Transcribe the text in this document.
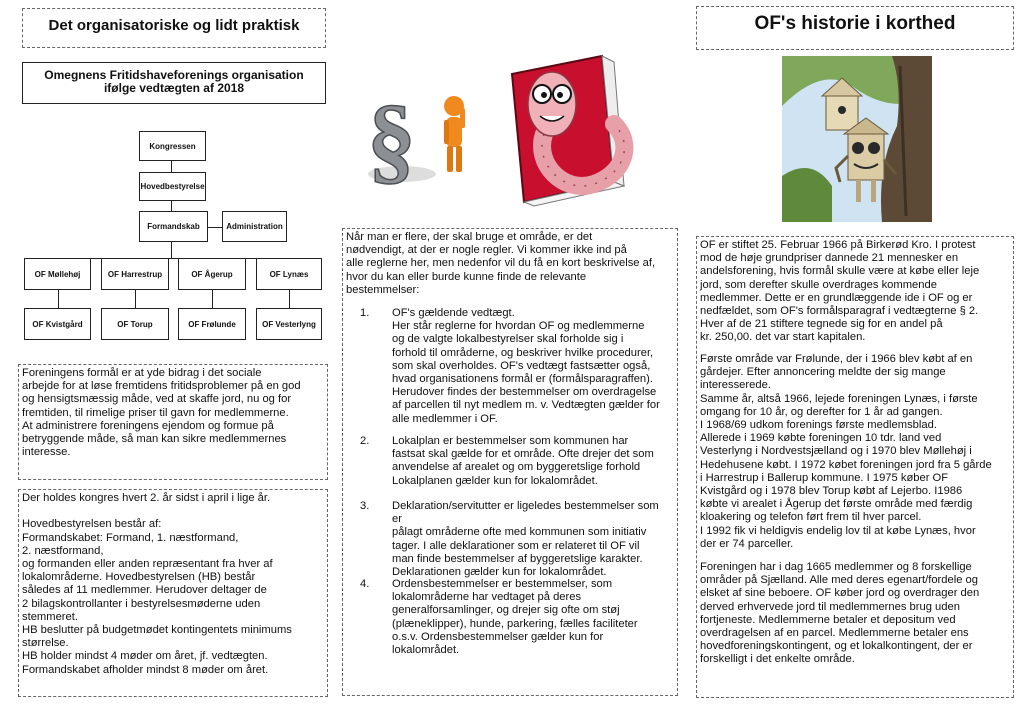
Det organisatoriske og lidt praktisk
Omegnens Fritidshaveforenings organisation
ifølge vedtægten af 2018
Kongressen
Hovedbestyrelse
Formandskab	Administration
OF Møllehøj	OF Harrestrup	OF Ågerup	OF Lynæs
OF Kvistgård	OF Torup	OF Frølunde	OF Vesterlyng
Foreningens formål er at yde bidrag i det sociale
arbejde for at løse fremtidens fritidsproblemer på en god
og hensigtsmæssig måde, ved at skaffe jord, nu og for
fremtiden, til rimelige priser til gavn for medlemmerne.
At administrere foreningens ejendom og formue på
betryggende måde, så man kan sikre medlemmernes
interesse.
Der holdes kongres hvert 2. år sidst i april i lige år.

Hovedbestyrelsen består af:
Formandskabet: Formand, 1. næstformand,
2. næstformand,
og formanden eller anden repræsentant fra hver af
lokalområderne. Hovedbestyrelsen (HB) består
således af 11 medlemmer. Herudover deltager de
2 bilagskontrollanter i bestyrelsesmøderne uden
stemmeret.
HB beslutter på budgetmødet kontingentets minimums
størrelse.
HB holder mindst 4 møder om året, jf. vedtægten.
Formandskabet afholder mindst 8 møder om året.
§
Når man er flere, der skal bruge et område, er det
nødvendigt, at der er nogle regler. Vi kommer ikke ind på
alle reglerne her, men nedenfor vil du få en kort beskrivelse af,
hvor du kan eller burde kunne finde de relevante
bestemmelser:
1. OF's gældende vedtægt.
Her står reglerne for hvordan OF og medlemmerne
og de valgte lokalbestyrelser skal forholde sig i
forhold til områderne, og beskriver hvilke procedurer,
som skal overholdes. OF's vedtægt fastsætter også,
hvad organisationens formål er (formålsparagraffen).
Herudover findes der bestemmelser om overdragelse
af parcellen til nyt medlem m. v. Vedtægten gælder for
alle medlemmer i OF.
2. Lokalplan er bestemmelser som kommunen har
fastsat skal gælde for et område. Ofte drejer det som
anvendelse af arealet og om byggeretslige forhold
Lokalplanen gælder kun for lokalområdet.
3. Deklaration/servitutter er ligeledes bestemmelser som er
pålagt områderne ofte med kommunen som initiativ
tager. I alle deklarationer som er relateret til OF vil
man finde bestemmelser af byggeretslige karakter.
Deklarationen gælder kun for lokalområdet.
4. Ordensbestemmelser er bestemmelser, som
lokalområderne har vedtaget på deres
generalforsamlinger, og drejer sig ofte om støj
(plæneklipper), hunde, parkering, fælles faciliteter
o.s.v. Ordensbestemmelser gælder kun for
lokalområdet.
OF's historie i korthed
OF er stiftet 25. Februar 1966 på Birkerød Kro. I protest
mod de høje grundpriser dannede 21 mennesker en
andelsforening, hvis formål skulle være at købe eller leje
jord, som derefter skulle overdrages kommende
medlemmer. Dette er en grundlæggende ide i OF og er
nedfældet, som OF's formålsparagraf i vedtægterne § 2.
Hver af de 21 stiftere tegnede sig for en andel på
kr. 250,00. det var start kapitalen.
Første område var Frølunde, der i 1966 blev købt af en
gårdejer. Efter annoncering meldte der sig mange
interesserede.
Samme år, altså 1966, lejede foreningen Lynæs, i første
omgang for 10 år, og derefter for 1 år ad gangen.
I 1968/69 udkom forenings første medlemsblad.
Allerede i 1969 købte foreningen 10 tdr. land ved
Vesterlyng i Nordvestsjælland og i 1970 blev Møllehøj i
Hedehusene købt. I 1972 købet foreningen jord fra 5 gårde
i Harrestrup i Ballerup kommune. I 1975 køber OF
Kvistgård og i 1978 blev Torup købt af Lejerbo. I1986
købte vi arealet i Ågerup det første område med færdig
kloakering og telefon ført frem til hver parcel.
I 1992 fik vi heldigvis endelig lov til at købe Lynæs, hvor
der er 74 parceller.
Foreningen har i dag 1665 medlemmer og 8 forskellige
områder på Sjælland. Alle med deres egenart/fordele og
elsket af sine beboere. OF køber jord og overdrager den
derved erhvervede jord til medlemmernes brug uden
fortjeneste. Medlemmerne betaler et depositum ved
overdragelsen af en parcel. Medlemmerne betaler ens
hovedforeningskontingent, og et lokalkontingent, der er
forskelligt i det enkelte område.
